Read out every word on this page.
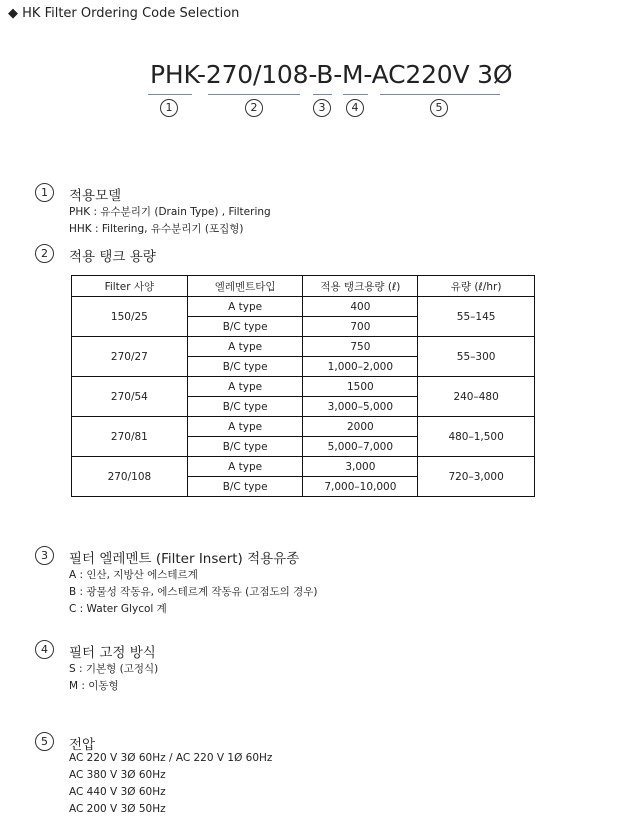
◆ HK Filter Ordering Code Selection
PHK-270/108-B-M-AC220V 3Ø
1	2	3	4	5
1	적용모델
PHK : 유수분리기 (Drain Type) , Filtering
HHK : Filtering, 유수분리기 (포집형)
2	적용 탱크 용량
Filter 사양	엘레멘트타입	적용 탱크용량 (ℓ)	유량 (ℓ/hr)
150/25	A type	400	55–145
	B/C type	700	
270/27	A type	750	55–300
	B/C type	1,000–2,000	
270/54	A type	1500	240–480
	B/C type	3,000–5,000	
270/81	A type	2000	480–1,500
	B/C type	5,000–7,000	
270/108	A type	3,000	720–3,000
	B/C type	7,000–10,000	
3	필터 엘레멘트 (Filter Insert) 적용유종
A : 인산, 지방산 에스테르계
B : 광물성 작동유, 에스테르계 작동유 (고점도의 경우)
C : Water Glycol 계
4	필터 고정 방식
S : 기본형 (고정식)
M : 이동형
5	전압
AC 220 V 3Ø 60Hz / AC 220 V 1Ø 60Hz
AC 380 V 3Ø 60Hz
AC 440 V 3Ø 60Hz
AC 200 V 3Ø 50Hz
